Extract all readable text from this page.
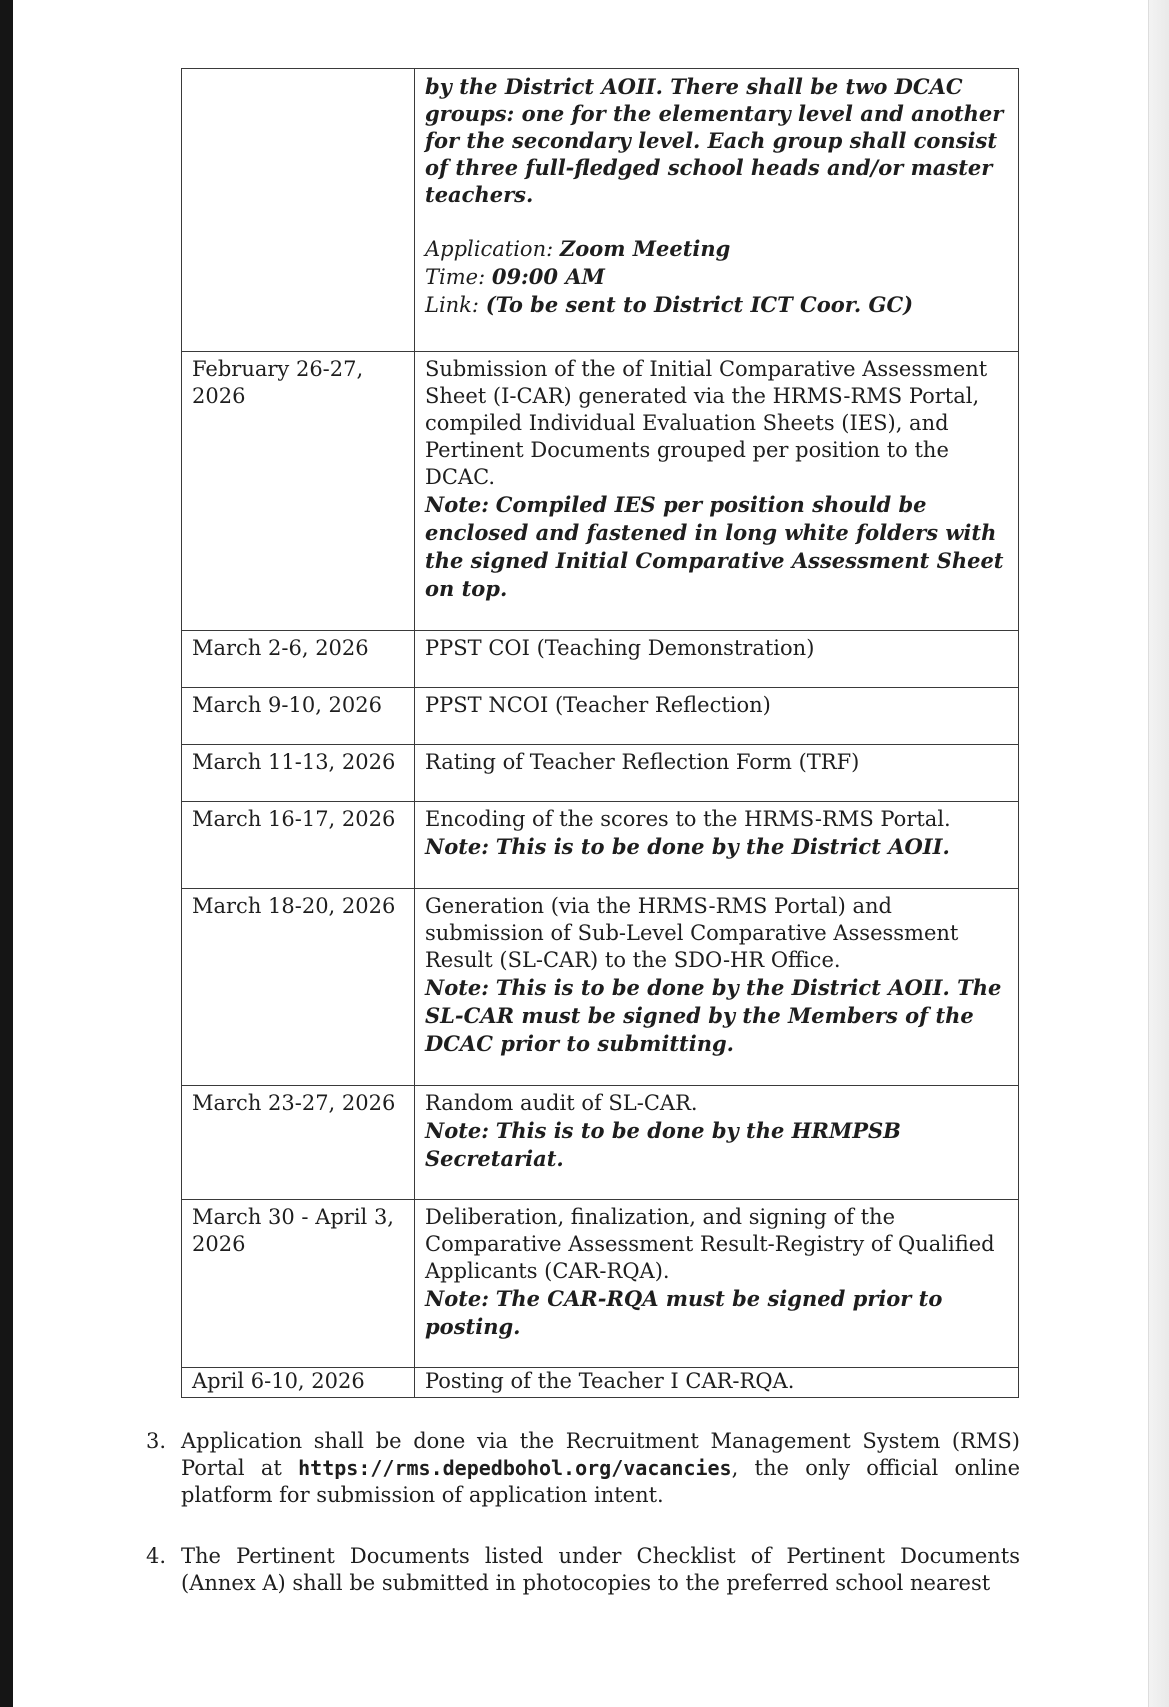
	by the District AOII. There shall be two DCAC groups: one for the elementary level and another for the secondary level. Each group shall consist of three full-fledged school heads and/or master teachers.
Application: Zoom Meeting
Time: 09:00 AM
Link: (To be sent to District ICT Coor. GC)

February 26-27, 2026	Submission of the of Initial Comparative Assessment Sheet (I-CAR) generated via the HRMS-RMS Portal, compiled Individual Evaluation Sheets (IES), and Pertinent Documents grouped per position to the DCAC.
Note: Compiled IES per position should be enclosed and fastened in long white folders with the signed Initial Comparative Assessment Sheet on top.

March 2-6, 2026	PPST COI (Teaching Demonstration)
March 9-10, 2026	PPST NCOI (Teacher Reflection)
March 11-13, 2026	Rating of Teacher Reflection Form (TRF)
March 16-17, 2026	Encoding of the scores to the HRMS-RMS Portal.
Note: This is to be done by the District AOII.

March 18-20, 2026	Generation (via the HRMS-RMS Portal) and submission of Sub-Level Comparative Assessment Result (SL-CAR) to the SDO-HR Office.
Note: This is to be done by the District AOII. The SL-CAR must be signed by the Members of the DCAC prior to submitting.

March 23-27, 2026	Random audit of SL-CAR.
Note: This is to be done by the HRMPSB Secretariat.

March 30 - April 3, 2026	Deliberation, finalization, and signing of the Comparative Assessment Result-Registry of Qualified Applicants (CAR-RQA).
Note: The CAR-RQA must be signed prior to posting.

April 6-10, 2026	Posting of the Teacher I CAR-RQA.
3. Application shall be done via the Recruitment Management System (RMS) Portal at https://rms.depedbohol.org/vacancies, the only official online platform for submission of application intent.
4. The Pertinent Documents listed under Checklist of Pertinent Documents (Annex A) shall be submitted in photocopies to the preferred school nearest
